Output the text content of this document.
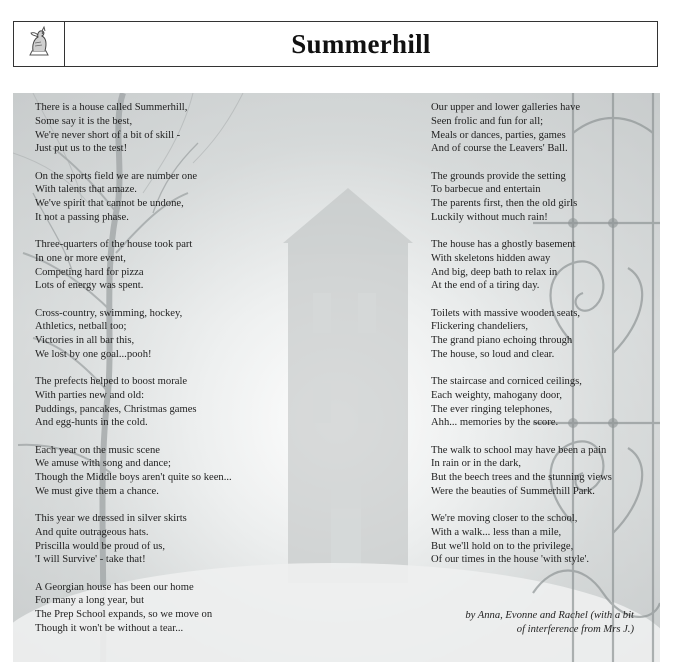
Summerhill
There is a house called Summerhill,
Some say it is the best,
We're never short of a bit of skill -
Just put us to the test!
On the sports field we are number one
With talents that amaze.
We've spirit that cannot be undone,
It not a passing phase.
Three-quarters of the house took part
In one or more event,
Competing hard for pizza
Lots of energy was spent.
Cross-country, swimming, hockey,
Athletics, netball too;
Victories in all bar this,
We lost by one goal...pooh!
The prefects helped to boost morale
With parties new and old:
Puddings, pancakes, Christmas games
And egg-hunts in the cold.
Each year on the music scene
We amuse with song and dance;
Though the Middle boys aren't quite so keen...
We must give them a chance.
This year we dressed in silver skirts
And quite outrageous hats.
Priscilla would be proud of us,
'I will Survive' - take that!
A Georgian house has been our home
For many a long year, but
The Prep School expands, so we move on
Though it won't be without a tear...
Our upper and lower galleries have
Seen frolic and fun for all;
Meals or dances, parties, games
And of course the Leavers' Ball.
The grounds provide the setting
To barbecue and entertain
The parents first, then the old girls
Luckily without much rain!
The house has a ghostly basement
With skeletons hidden away
And big, deep bath to relax in
At the end of a tiring day.
Toilets with massive wooden seats,
Flickering chandeliers,
The grand piano echoing through
The house, so loud and clear.
The staircase and corniced ceilings,
Each weighty, mahogany door,
The ever ringing telephones,
Ahh... memories by the score.
The walk to school may have been a pain
In rain or in the dark,
But the beech trees and the stunning views
Were the beauties of Summerhill Park.
We're moving closer to the school,
With a walk... less than a mile,
But we'll hold on to the privilege,
Of our times in the house 'with style'.
by Anna, Evonne and Rachel (with a bit
of interference from Mrs J.)
